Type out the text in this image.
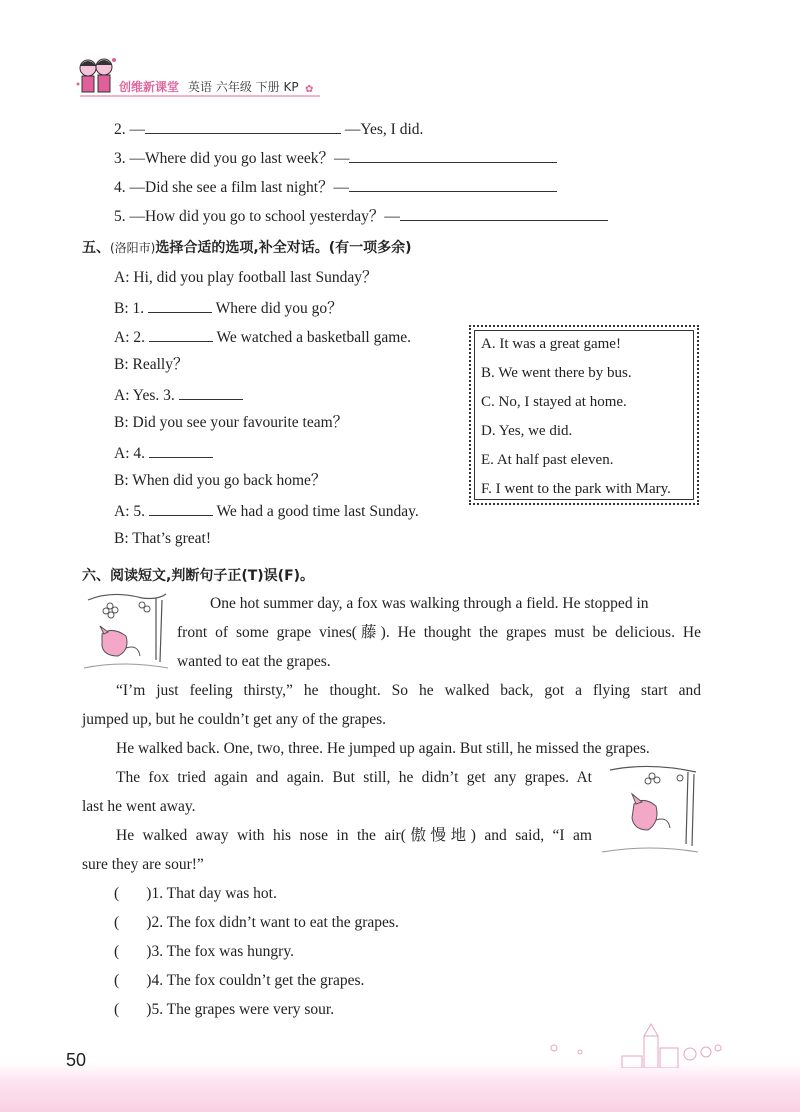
创维新课堂 英语 六年级 下册 KP ✿
2. —	—Yes, I did.
3. —Where did you go last week？—
4. —Did she see a film last night？—
5. —How did you go to school yesterday？—
五、(洛阳市)选择合适的选项,补全对话。(有一项多余)
A: Hi, did you play football last Sunday？
B: 1.	Where did you go？
A: 2.	We watched a basketball game.
B: Really？
A: Yes. 3.
B: Did you see your favourite team？
A: 4.
B: When did you go back home？
A: 5.	We had a good time last Sunday.
B: That’s great!
A. It was a great game!
B. We went there by bus.
C. No, I stayed at home.
D. Yes, we did.
E. At half past eleven.
F. I went to the park with Mary.
六、阅读短文,判断句子正(T)误(F)。
One hot summer day, a fox was walking through a field. He stopped in
front of some grape vines(藤). He thought the grapes must be delicious. He
wanted to eat the grapes.
“I’m just feeling thirsty,” he thought. So he walked back, got a flying start and
jumped up, but he couldn’t get any of the grapes.
He walked back. One, two, three. He jumped up again. But still, he missed the grapes.
The fox tried again and again. But still, he didn’t get any grapes. At
last he went away.
He walked away with his nose in the air(傲慢地) and said, “I am
sure they are sour!”
(       )1. That day was hot.
(       )2. The fox didn’t want to eat the grapes.
(       )3. The fox was hungry.
(       )4. The fox couldn’t get the grapes.
(       )5. The grapes were very sour.
50
